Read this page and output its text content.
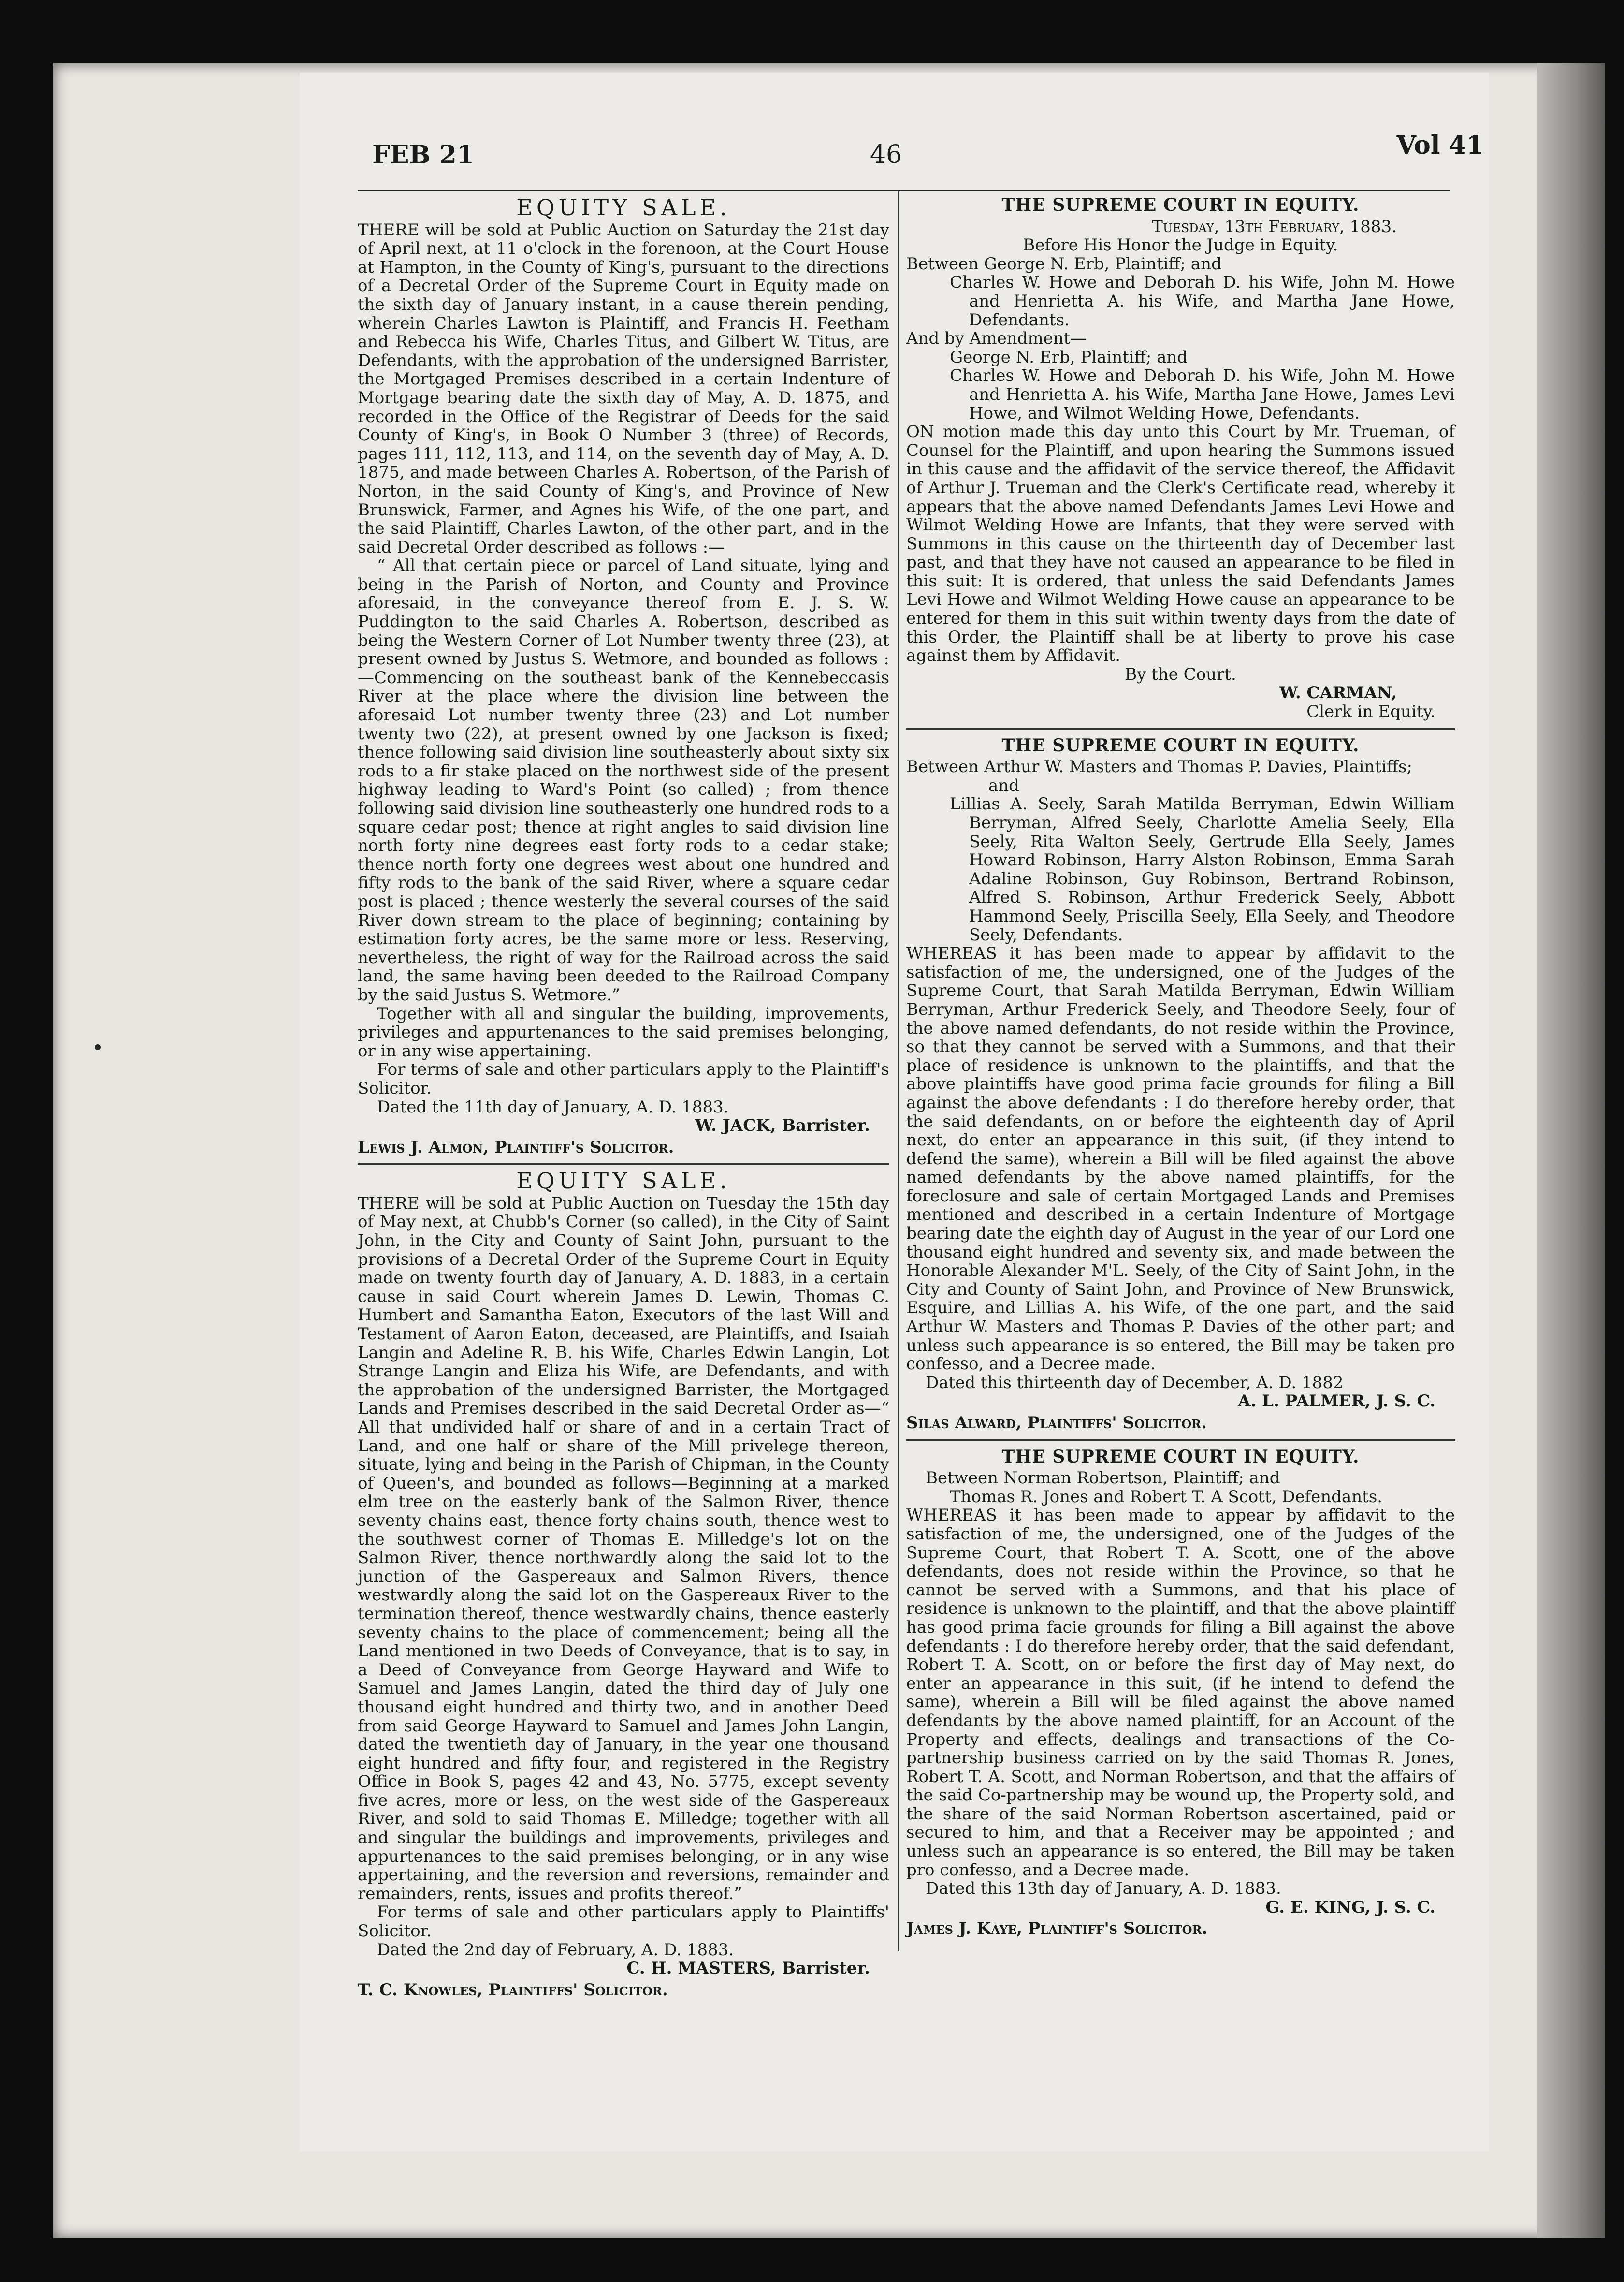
FEB 21	46	Vol 41
EQUITY SALE.

THERE will be sold at Public Auction on Saturday the 21st day of April next, at 11 o'clock in the forenoon, at the Court House at Hampton, in the County of King's, pursuant to the directions of a Decretal Order of the Supreme Court in Equity made on the sixth day of January instant, in a cause therein pending, wherein Charles Lawton is Plaintiff, and Francis H. Feetham and Rebecca his Wife, Charles Titus, and Gilbert W. Titus, are Defendants, with the approbation of the undersigned Barrister, the Mortgaged Premises described in a certain Indenture of Mortgage bearing date the sixth day of May, A. D. 1875, and recorded in the Office of the Registrar of Deeds for the said County of King's, in Book O Number 3 (three) of Records, pages 111, 112, 113, and 114, on the seventh day of May, A. D. 1875, and made between Charles A. Robertson, of the Parish of Norton, in the said County of King's, and Province of New Brunswick, Farmer, and Agnes his Wife, of the one part, and the said Plaintiff, Charles Lawton, of the other part, and in the said Decretal Order described as follows :—

“ All that certain piece or parcel of Land situate, lying and being in the Parish of Norton, and County and Province aforesaid, in the conveyance thereof from E. J. S. W. Puddington to the said Charles A. Robertson, described as being the Western Corner of Lot Number twenty three (23), at present owned by Justus S. Wetmore, and bounded as follows :—Commencing on the southeast bank of the Kennebeccasis River at the place where the division line between the aforesaid Lot number twenty three (23) and Lot number twenty two (22), at present owned by one Jackson is fixed; thence following said division line southeasterly about sixty six rods to a fir stake placed on the northwest side of the present highway leading to Ward's Point (so called) ; from thence following said division line southeasterly one hundred rods to a square cedar post; thence at right angles to said division line north forty nine degrees east forty rods to a cedar stake; thence north forty one degrees west about one hundred and fifty rods to the bank of the said River, where a square cedar post is placed ; thence westerly the several courses of the said River down stream to the place of beginning; containing by estimation forty acres, be the same more or less. Reserving, nevertheless, the right of way for the Railroad across the said land, the same having been deeded to the Railroad Company by the said Justus S. Wetmore.”

Together with all and singular the building, improvements, privileges and appurtenances to the said premises belonging, or in any wise appertaining.

For terms of sale and other particulars apply to the Plaintiff's Solicitor.

Dated the 11th day of January, A. D. 1883.

W. JACK, Barrister.

Lewis J. Almon, Plaintiff's Solicitor.

EQUITY SALE.

THERE will be sold at Public Auction on Tuesday the 15th day of May next, at Chubb's Corner (so called), in the City of Saint John, in the City and County of Saint John, pursuant to the provisions of a Decretal Order of the Supreme Court in Equity made on twenty fourth day of January, A. D. 1883, in a certain cause in said Court wherein James D. Lewin, Thomas C. Humbert and Samantha Eaton, Executors of the last Will and Testament of Aaron Eaton, deceased, are Plaintiffs, and Isaiah Langin and Adeline R. B. his Wife, Charles Edwin Langin, Lot Strange Langin and Eliza his Wife, are Defendants, and with the approbation of the undersigned Barrister, the Mortgaged Lands and Premises described in the said Decretal Order as—“ All that undivided half or share of and in a certain Tract of Land, and one half or share of the Mill privelege thereon, situate, lying and being in the Parish of Chipman, in the County of Queen's, and bounded as follows—Beginning at a marked elm tree on the easterly bank of the Salmon River, thence seventy chains east, thence forty chains south, thence west to the southwest corner of Thomas E. Milledge's lot on the Salmon River, thence northwardly along the said lot to the junction of the Gaspereaux and Salmon Rivers, thence westwardly along the said lot on the Gaspereaux River to the termination thereof, thence westwardly chains, thence easterly seventy chains to the place of commencement; being all the Land mentioned in two Deeds of Conveyance, that is to say, in a Deed of Conveyance from George Hayward and Wife to Samuel and James Langin, dated the third day of July one thousand eight hundred and thirty two, and in another Deed from said George Hayward to Samuel and James John Langin, dated the twentieth day of January, in the year one thousand eight hundred and fifty four, and registered in the Registry Office in Book S, pages 42 and 43, No. 5775, except seventy five acres, more or less, on the west side of the Gaspereaux River, and sold to said Thomas E. Milledge; together with all and singular the buildings and improvements, privileges and appurtenances to the said premises belonging, or in any wise appertaining, and the reversion and reversions, remainder and remainders, rents, issues and profits thereof.”

For terms of sale and other particulars apply to Plaintiffs' Solicitor.

Dated the 2nd day of February, A. D. 1883.

C. H. MASTERS, Barrister.

T. C. Knowles, Plaintiffs' Solicitor.

THE SUPREME COURT IN EQUITY.

Tuesday, 13th February, 1883.

Before His Honor the Judge in Equity.

Between George N. Erb, Plaintiff; and

Charles W. Howe and Deborah D. his Wife, John M. Howe and Henrietta A. his Wife, and Martha Jane Howe, Defendants.

And by Amendment—

George N. Erb, Plaintiff; and

Charles W. Howe and Deborah D. his Wife, John M. Howe and Henrietta A. his Wife, Martha Jane Howe, James Levi Howe, and Wilmot Welding Howe, Defendants.

ON motion made this day unto this Court by Mr. Trueman, of Counsel for the Plaintiff, and upon hearing the Summons issued in this cause and the affidavit of the service thereof, the Affidavit of Arthur J. Trueman and the Clerk's Certificate read, whereby it appears that the above named Defendants James Levi Howe and Wilmot Welding Howe are Infants, that they were served with Summons in this cause on the thirteenth day of December last past, and that they have not caused an appearance to be filed in this suit: It is ordered, that unless the said Defendants James Levi Howe and Wilmot Welding Howe cause an appearance to be entered for them in this suit within twenty days from the date of this Order, the Plaintiff shall be at liberty to prove his case against them by Affidavit.

By the Court.

W. CARMAN,

Clerk in Equity.

THE SUPREME COURT IN EQUITY.

Between Arthur W. Masters and Thomas P. Davies, Plaintiffs;

and

Lillias A. Seely, Sarah Matilda Berryman, Edwin William Berryman, Alfred Seely, Charlotte Amelia Seely, Ella Seely, Rita Walton Seely, Gertrude Ella Seely, James Howard Robinson, Harry Alston Robinson, Emma Sarah Adaline Robinson, Guy Robinson, Bertrand Robinson, Alfred S. Robinson, Arthur Frederick Seely, Abbott Hammond Seely, Priscilla Seely, Ella Seely, and Theodore Seely, Defendants.

WHEREAS it has been made to appear by affidavit to the satisfaction of me, the undersigned, one of the Judges of the Supreme Court, that Sarah Matilda Berryman, Edwin William Berryman, Arthur Frederick Seely, and Theodore Seely, four of the above named defendants, do not reside within the Province, so that they cannot be served with a Summons, and that their place of residence is unknown to the plaintiffs, and that the above plaintiffs have good prima facie grounds for filing a Bill against the above defendants : I do therefore hereby order, that the said defendants, on or before the eighteenth day of April next, do enter an appearance in this suit, (if they intend to defend the same), wherein a Bill will be filed against the above named defendants by the above named plaintiffs, for the foreclosure and sale of certain Mortgaged Lands and Premises mentioned and described in a certain Indenture of Mortgage bearing date the eighth day of August in the year of our Lord one thousand eight hundred and seventy six, and made between the Honorable Alexander M'L. Seely, of the City of Saint John, in the City and County of Saint John, and Province of New Brunswick, Esquire, and Lillias A. his Wife, of the one part, and the said Arthur W. Masters and Thomas P. Davies of the other part; and unless such appearance is so entered, the Bill may be taken pro confesso, and a Decree made.

Dated this thirteenth day of December, A. D. 1882

A. L. PALMER, J. S. C.

Silas Alward, Plaintiffs' Solicitor.

THE SUPREME COURT IN EQUITY.

Between Norman Robertson, Plaintiff; and

Thomas R. Jones and Robert T. A Scott, Defendants.

WHEREAS it has been made to appear by affidavit to the satisfaction of me, the undersigned, one of the Judges of the Supreme Court, that Robert T. A. Scott, one of the above defendants, does not reside within the Province, so that he cannot be served with a Summons, and that his place of residence is unknown to the plaintiff, and that the above plaintiff has good prima facie grounds for filing a Bill against the above defendants : I do therefore hereby order, that the said defendant, Robert T. A. Scott, on or before the first day of May next, do enter an appearance in this suit, (if he intend to defend the same), wherein a Bill will be filed against the above named defendants by the above named plaintiff, for an Account of the Property and effects, dealings and transactions of the Co-partnership business carried on by the said Thomas R. Jones, Robert T. A. Scott, and Norman Robertson, and that the affairs of the said Co-partnership may be wound up, the Property sold, and the share of the said Norman Robertson ascertained, paid or secured to him, and that a Receiver may be appointed ; and unless such an appearance is so entered, the Bill may be taken pro confesso, and a Decree made.

Dated this 13th day of January, A. D. 1883.

G. E. KING, J. S. C.

James J. Kaye, Plaintiff's Solicitor.
